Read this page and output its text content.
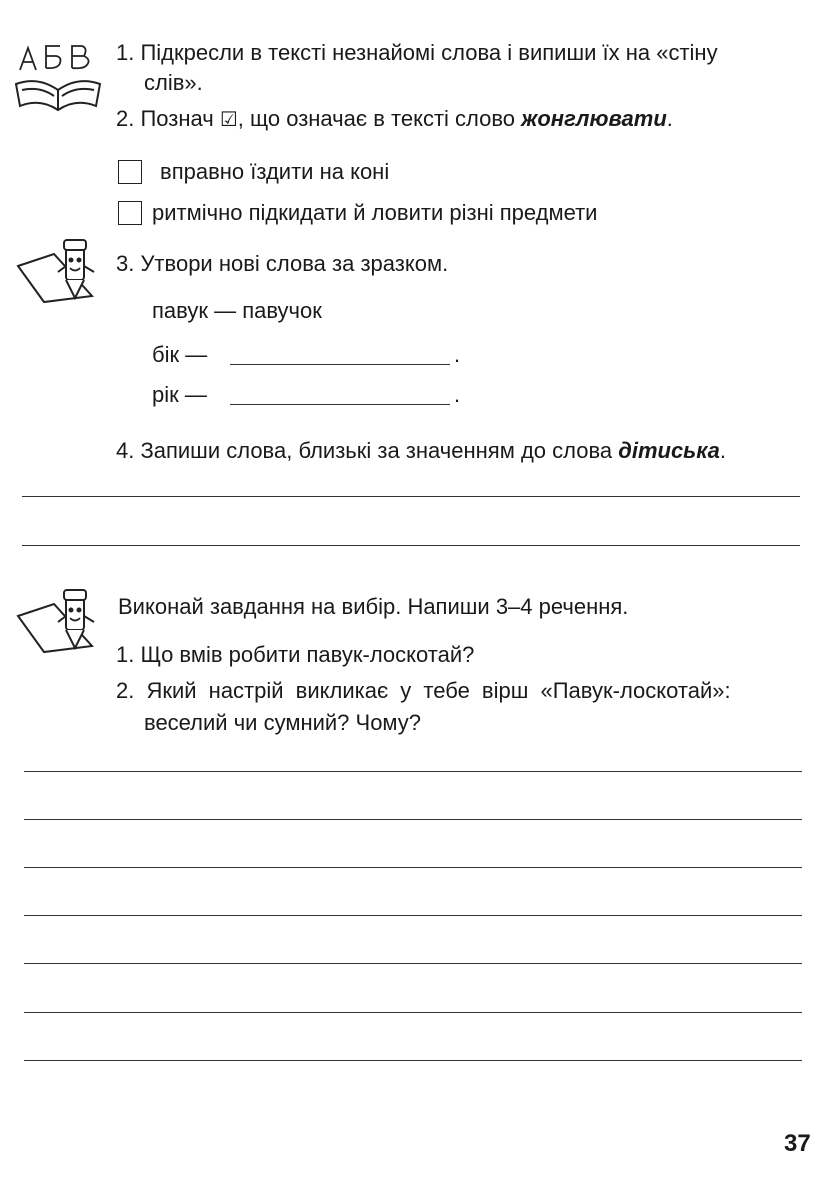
1. Підкресли в тексті незнайомі слова і випиши їх на «стіну
слів».
2. Познач ☑, що означає в тексті слово жонглювати.
вправно їздити на коні
ритмічно підкидати й ловити різні предмети
3. Утвори нові слова за зразком.
павук — павучок
бік —	.
рік —	.
4. Запиши слова, близькі за значенням до слова дітиська.
Виконай завдання на вибір. Напиши 3–4 речення.
1. Що вмів робити павук-лоскотай?
2. Який настрій викликає у тебе вірш «Павук-лоскотай»:
веселий чи сумний? Чому?
37
